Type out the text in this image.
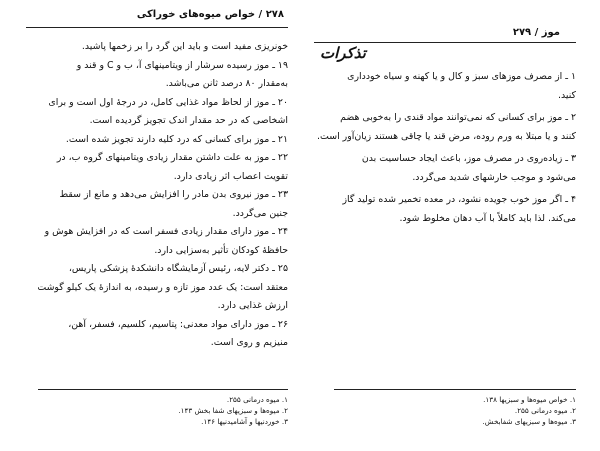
۲۷۸ / خواص میوه‌های خوراکی
خونریزی مفید است و باید این گرد را بر زخمها پاشید.
۱۹ ـ موز رسیده سرشار از ویتامینهای آ، ب و C و قند و
به‌مقدار ۸۰ درصد ثانن می‌باشد.
۲۰ ـ موز از لحاظ مواد غذایی کامل، در درجهٔ اول است و برای
اشخاصی که در حد مقدار اندک تجویز گردیده است.
۲۱ ـ موز برای کسانی که درد کلیه دارند تجویز شده است.
۲۲ ـ موز به علت داشتن مقدار زیادی ویتامینهای گروه ب، در
تقویت اعصاب اثر زیادی دارد.
۲۳ ـ موز نیروی بدن مادر را افزایش می‌دهد و مانع از سقط
جنین می‌گردد.
۲۴ ـ موز دارای مقدار زیادی فسفر است که در افزایش هوش و
حافظهٔ کودکان تأثیر به‌سزایی دارد.
۲۵ ـ دکتر لایه، رئیس آزمایشگاه دانشکدهٔ پزشکی پاریس،
معتقد است: یک عدد موز تازه و رسیده، به اندازهٔ یک کیلو گوشت
ارزش غذایی دارد.
۲۶ ـ موز دارای مواد معدنی: پتاسیم، کلسیم، فسفر، آهن،
منیزیم و روی است.
۱. میوه درمانی ۲۵۵.
۲. میوه‌ها و سبزیهای شفا بخش ۱۴۳.
۳. خوردنیها و آشامیدنیها ۱۴۶.
موز / ۲۷۹
تذکرات
۱ ـ از مصرف موزهای سبز و کال و یا کهنه و سیاه خودداری
کنید.
۲ ـ موز برای کسانی که نمی‌توانند مواد قندی را به‌خوبی هضم
کنند و یا مبتلا به ورم روده، مرض قند یا چاقی هستند زیان‌آور است.
۳ ـ زیاده‌روی در مصرف موز، باعث ایجاد حساسیت بدن
می‌شود و موجب خارشهای شدید می‌گردد.
۴ ـ اگر موز خوب جویده نشود، در معده تخمیر شده تولید گاز
می‌کند. لذا باید کاملاً با آب دهان مخلوط شود.
۱. خواص میوه‌ها و سبزیها ۱۳۸.
۲. میوه درمانی ۲۵۵.
۳. میوه‌ها و سبزیهای شفابخش.
